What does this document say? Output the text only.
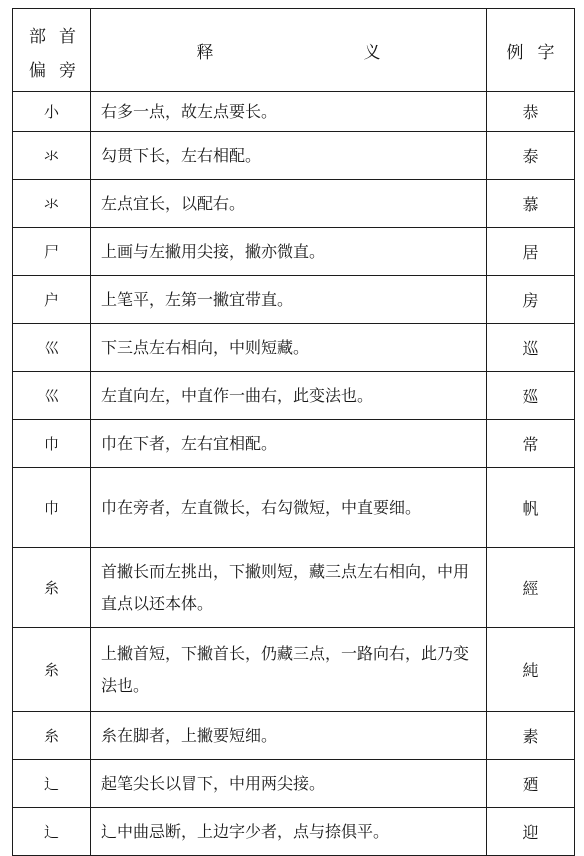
部 首
偏 旁	释 义	例 字
小	右多一点，故左点要长。	恭
氺	勾贯下长，左右相配。	泰
氺	左点宜长，以配右。	慕
尸	上画与左撇用尖接，撇亦微直。	居
户	上笔平，左第一撇宜带直。	房
巛	下三点左右相向，中则短藏。	巡
巛	左直向左，中直作一曲右，此变法也。	廵
巾	巾在下者，左右宜相配。	常
巾	巾在旁者，左直微长，右勾微短，中直要细。	帆
糸	首撇长而左挑出，下撇则短，藏三点左右相向，中用直点以还本体。	經
糸	上撇首短，下撇首长，仍藏三点，一路向右，此乃变法也。	純
糸	糸在脚者，上撇要短细。	素
辶	起笔尖长以冒下，中用两尖接。	廼
辶	辶中曲忌断，上边字少者，点与捺俱平。	迎
